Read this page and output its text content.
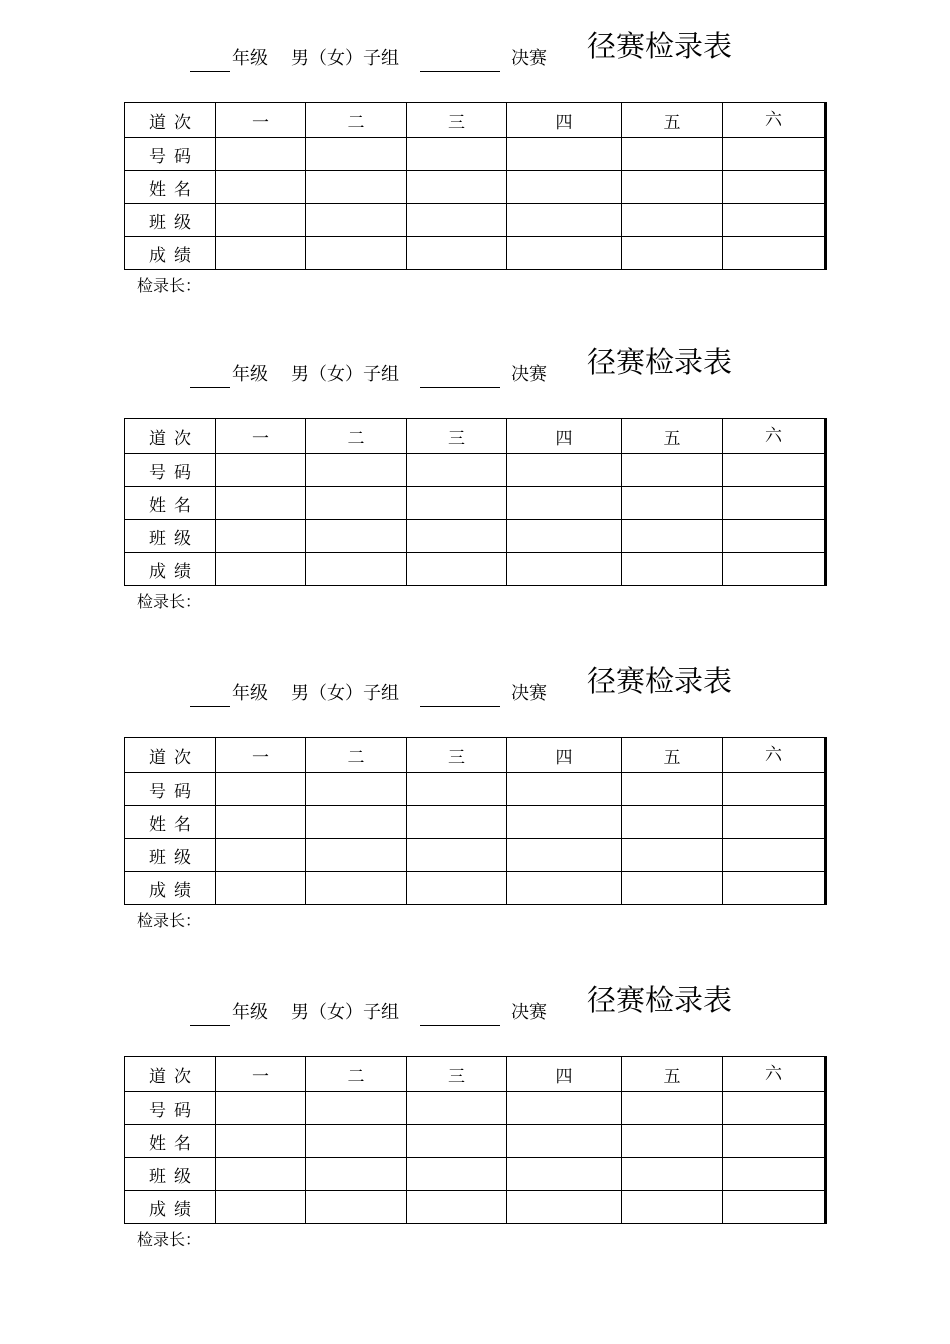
年级 男（女）子组	决赛 径赛检录表
道次	一	二	三	四	五	六
号码						
姓名						
班级						
成绩						
检录长：
年级 男（女）子组	决赛 径赛检录表
道次	一	二	三	四	五	六
号码						
姓名						
班级						
成绩						
检录长：
年级 男（女）子组	决赛 径赛检录表
道次	一	二	三	四	五	六
号码						
姓名						
班级						
成绩						
检录长：
年级 男（女）子组	决赛 径赛检录表
道次	一	二	三	四	五	六
号码						
姓名						
班级						
成绩						
检录长：
